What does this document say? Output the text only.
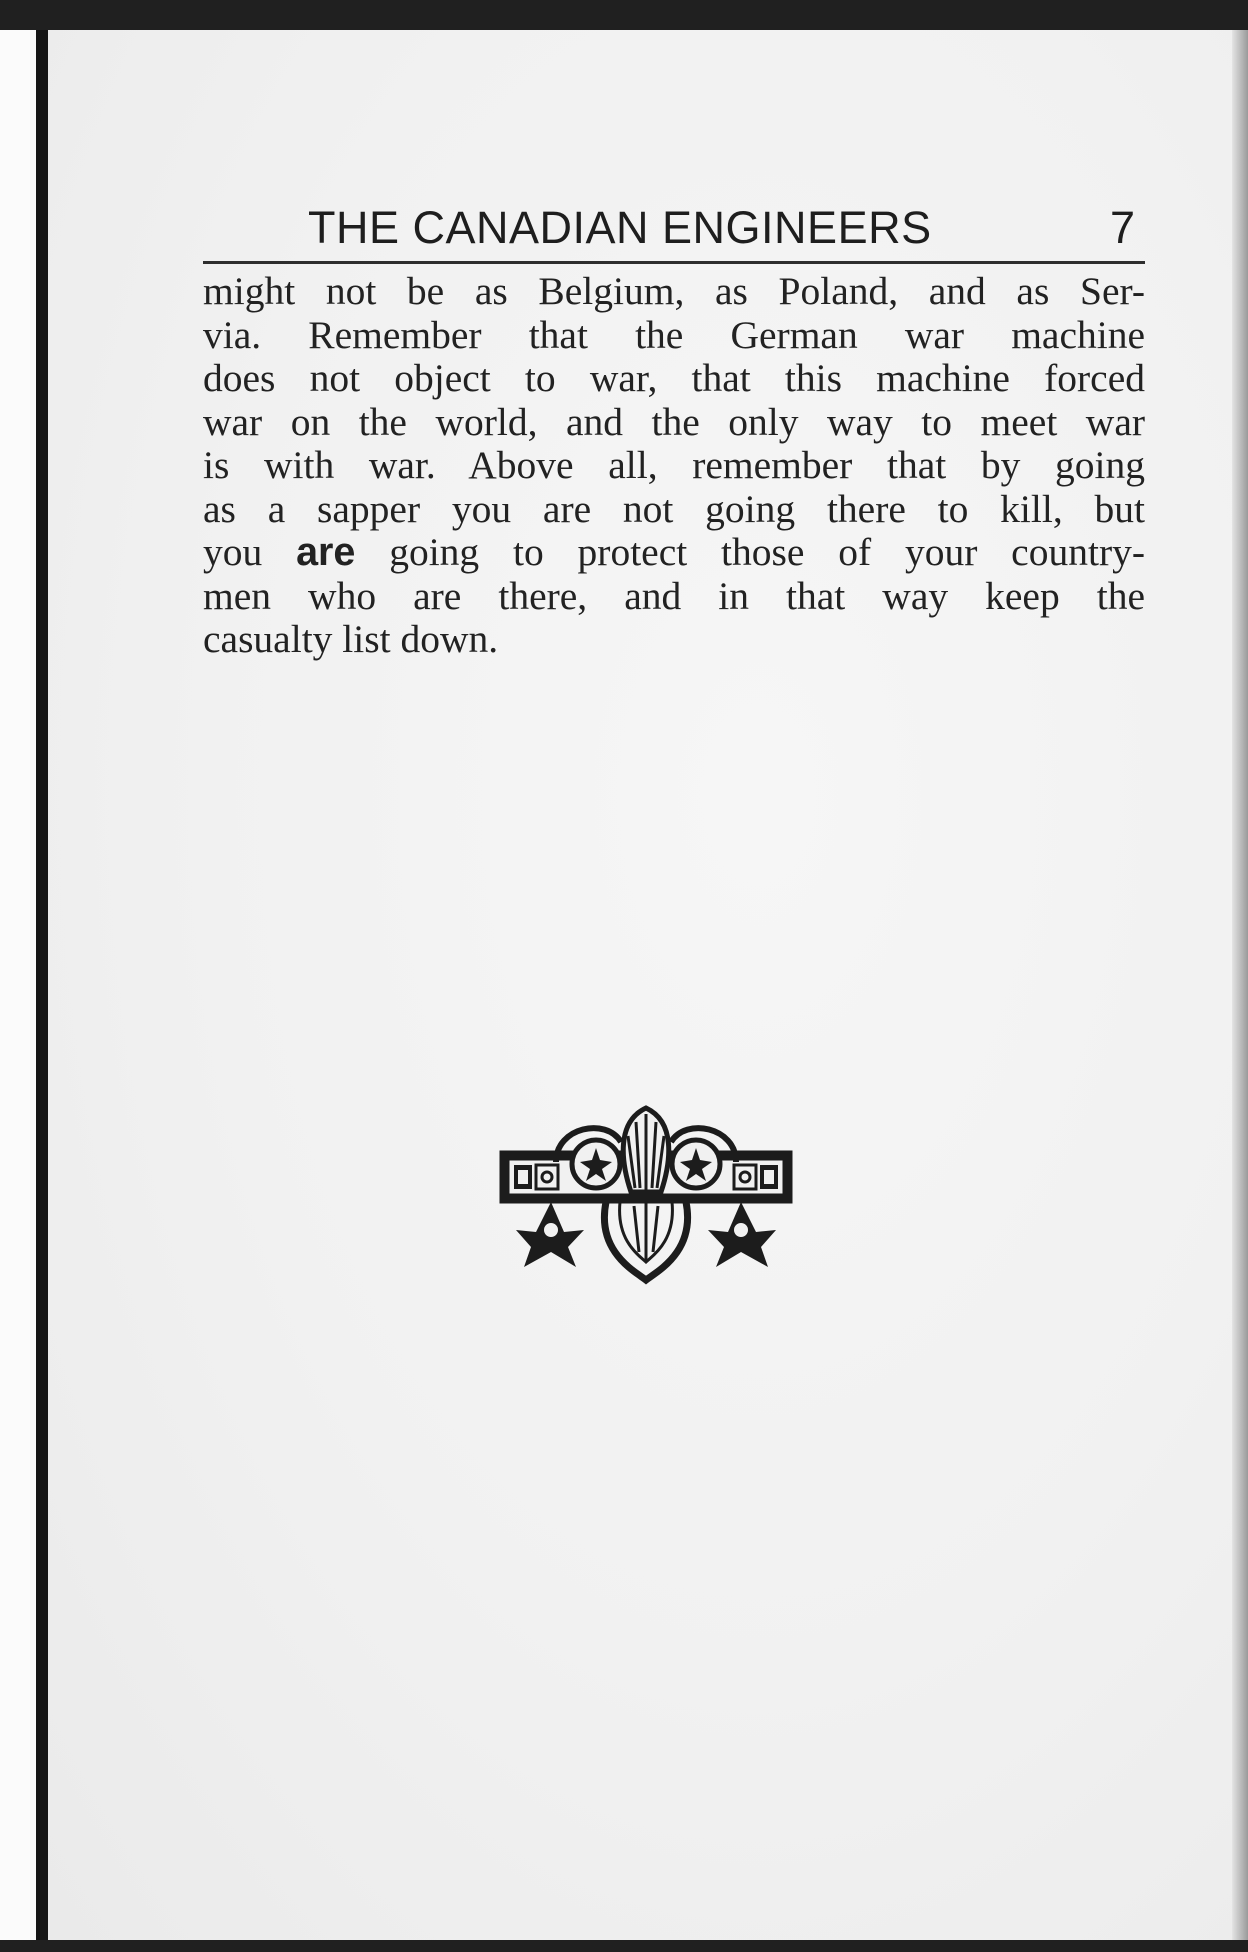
THE CANADIAN ENGINEERS	7
might not be as Belgium, as Poland, and as Ser-
via. Remember that the German war machine
does not object to war, that this machine forced
war on the world, and the only way to meet war
is with war. Above all, remember that by going
as a sapper you are not going there to kill, but
you are going to protect those of your country-
men who are there, and in that way keep the
casualty list down.
